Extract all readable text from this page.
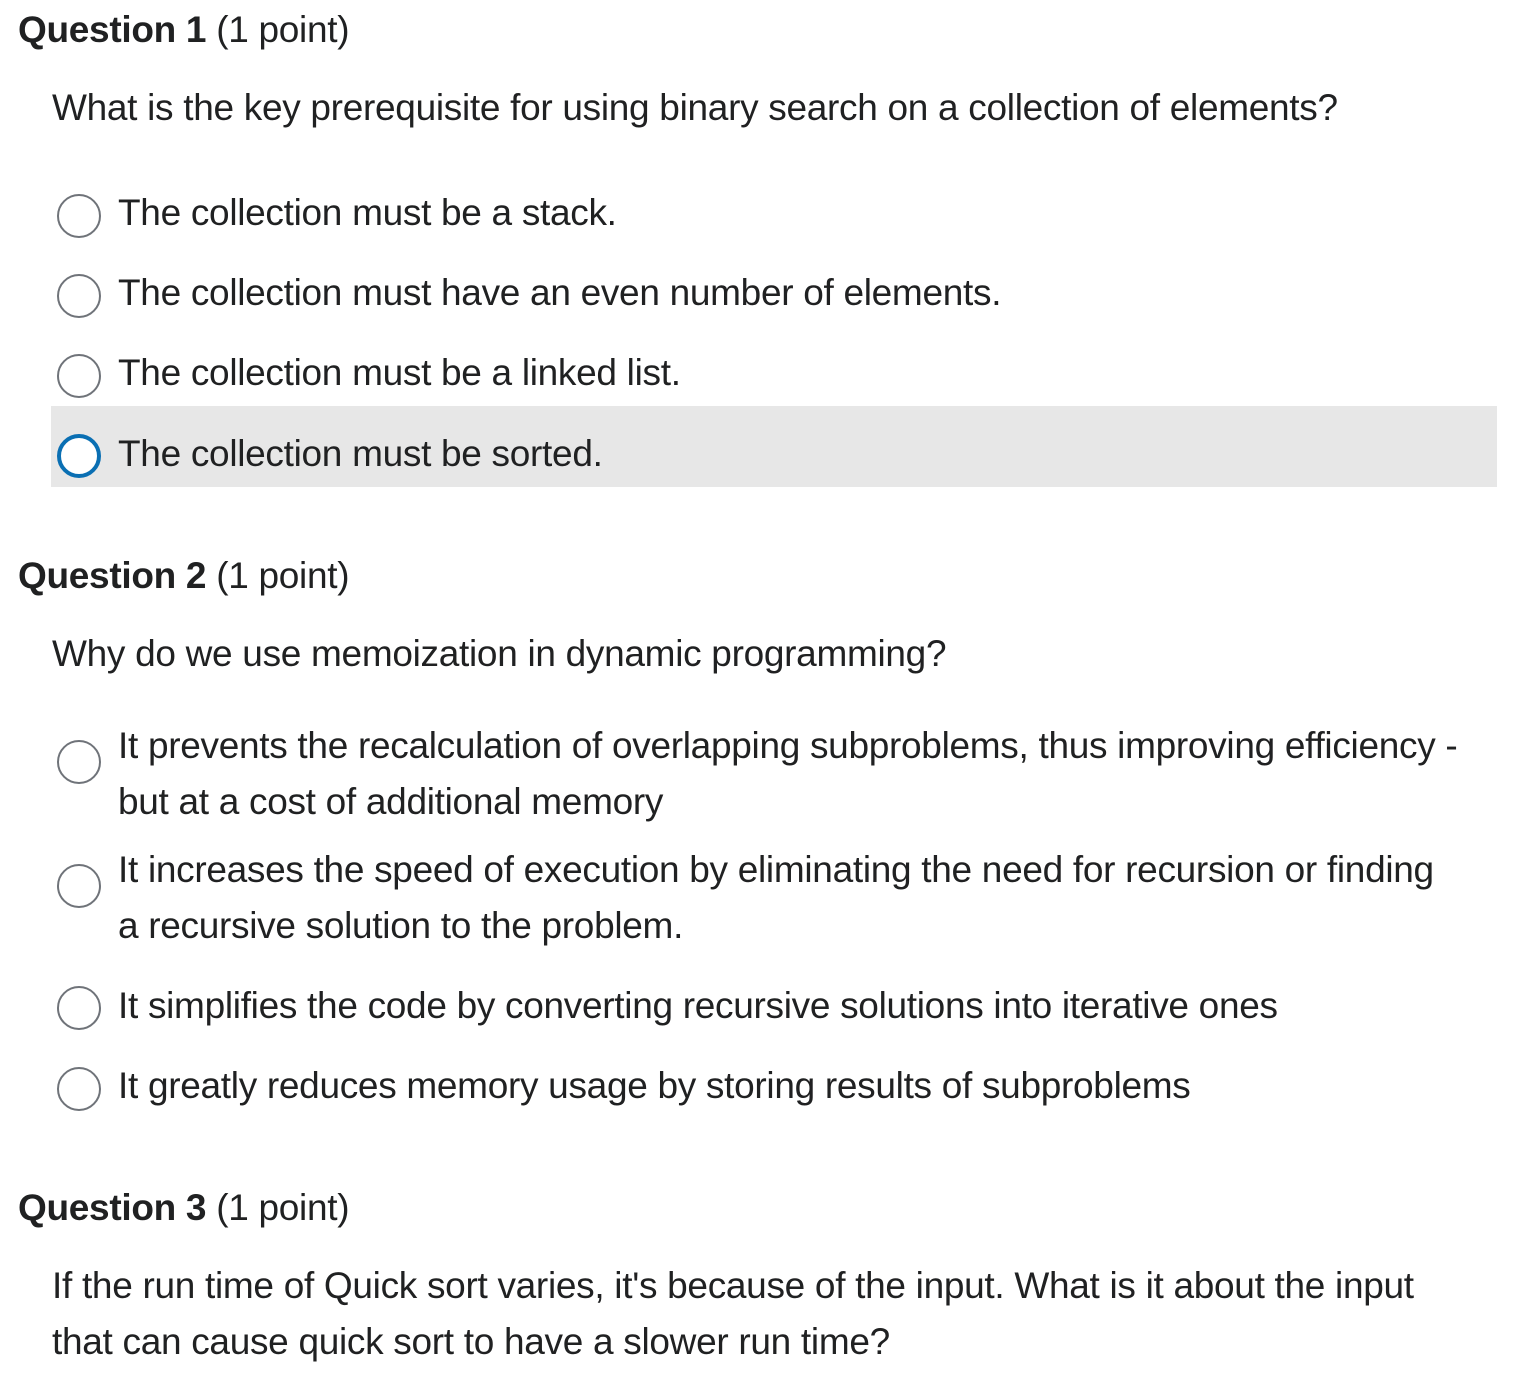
Question 1 (1 point)
What is the key prerequisite for using binary search on a collection of elements?
The collection must be a stack.
The collection must have an even number of elements.
The collection must be a linked list.
The collection must be sorted.
Question 2 (1 point)
Why do we use memoization in dynamic programming?
It prevents the recalculation of overlapping subproblems, thus improving efficiency - but at a cost of additional memory
It increases the speed of execution by eliminating the need for recursion or finding a recursive solution to the problem.
It simplifies the code by converting recursive solutions into iterative ones
It greatly reduces memory usage by storing results of subproblems
Question 3 (1 point)
If the run time of Quick sort varies, it's because of the input. What is it about the input that can cause quick sort to have a slower run time?
